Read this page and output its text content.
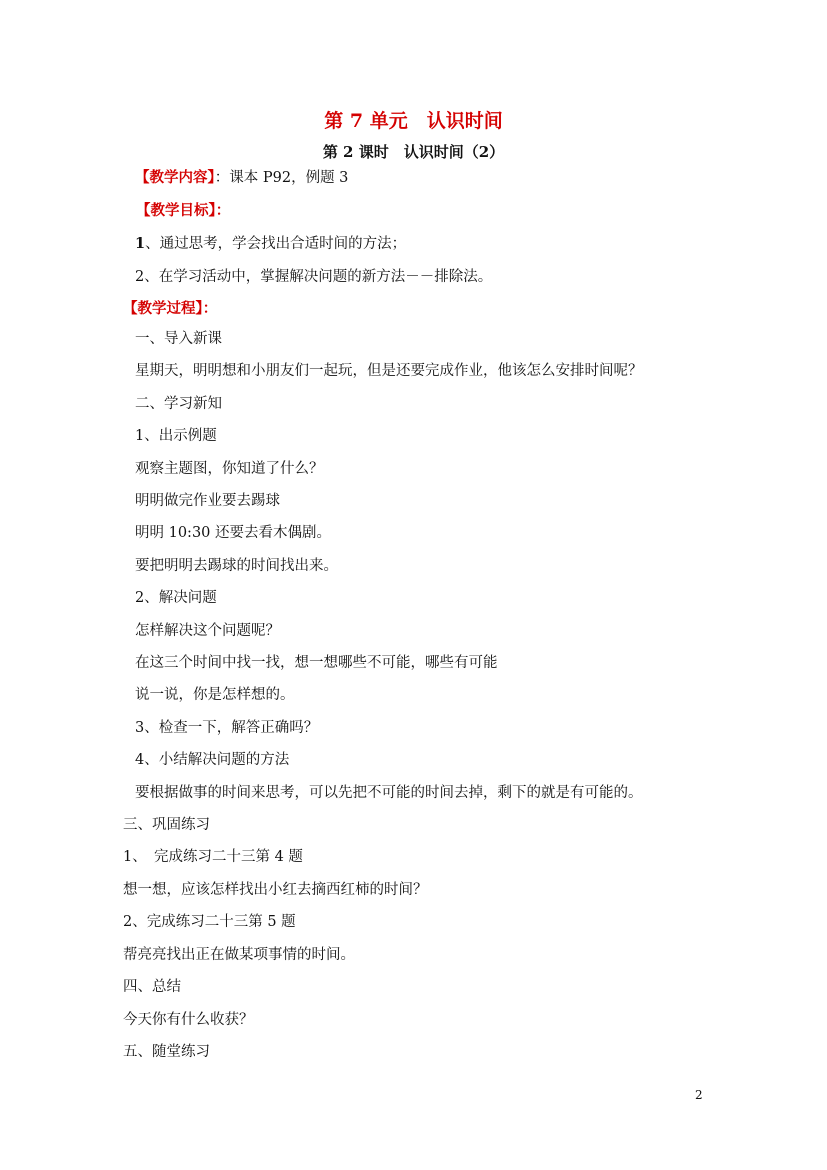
第 7 单元　认识时间
第 2 课时　认识时间（2）
【教学内容】：课本 P92，例题 3
【教学目标】：
1、通过思考，学会找出合适时间的方法；
2、在学习活动中，掌握解决问题的新方法－－排除法。
【教学过程】：
一、导入新课
星期天，明明想和小朋友们一起玩，但是还要完成作业，他该怎么安排时间呢？
二、学习新知
1、出示例题
观察主题图，你知道了什么？
明明做完作业要去踢球
明明 10:30 还要去看木偶剧。
要把明明去踢球的时间找出来。
2、解决问题
怎样解决这个问题呢？
在这三个时间中找一找，想一想哪些不可能，哪些有可能
说一说，你是怎样想的。
3、检查一下，解答正确吗？
4、小结解决问题的方法
要根据做事的时间来思考，可以先把不可能的时间去掉，剩下的就是有可能的。
三、巩固练习
1、　完成练习二十三第 4 题
想一想，应该怎样找出小红去摘西红柿的时间？
2、完成练习二十三第 5 题
帮亮亮找出正在做某项事情的时间。
四、总结
今天你有什么收获？
五、随堂练习
2
